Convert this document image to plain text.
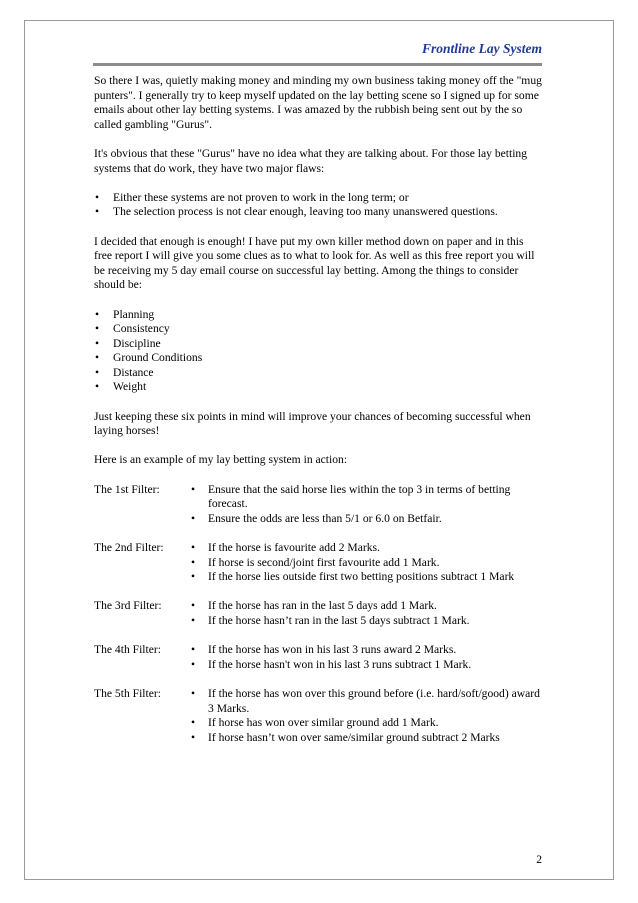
Frontline Lay System

So there I was, quietly making money and minding my own business taking money off the "mug punters". I generally try to keep myself updated on the lay betting scene so I signed up for some emails about other lay betting systems. I was amazed by the rubbish being sent out by the so called gambling "Gurus".

It's obvious that these "Gurus" have no idea what they are talking about. For those lay betting systems that do work, they have two major flaws:

• Either these systems are not proven to work in the long term; or
• The selection process is not clear enough, leaving too many unanswered questions.

I decided that enough is enough! I have put my own killer method down on paper and in this free report I will give you some clues as to what to look for. As well as this free report you will be receiving my 5 day email course on successful lay betting. Among the things to consider should be:

• Planning
• Consistency
• Discipline
• Ground Conditions
• Distance
• Weight

Just keeping these six points in mind will improve your chances of becoming successful when laying horses!

Here is an example of my lay betting system in action:

The 1st Filter:	• Ensure that the said horse lies within the top 3 in terms of betting forecast.
• Ensure the odds are less than 5/1 or 6.0 on Betfair.
The 2nd Filter:	• If the horse is favourite add 2 Marks.
• If horse is second/joint first favourite add 1 Mark.
• If the horse lies outside first two betting positions subtract 1 Mark
The 3rd Filter:	• If the horse has ran in the last 5 days add 1 Mark.
• If the horse hasn’t ran in the last 5 days subtract 1 Mark.
The 4th Filter:	• If the horse has won in his last 3 runs award 2 Marks.
• If the horse hasn't won in his last 3 runs subtract 1 Mark.
The 5th Filter:	• If the horse has won over this ground before (i.e. hard/soft/good) award 3 Marks.
• If horse has won over similar ground add 1 Mark.
• If horse hasn’t won over same/similar ground subtract 2 Marks
2
